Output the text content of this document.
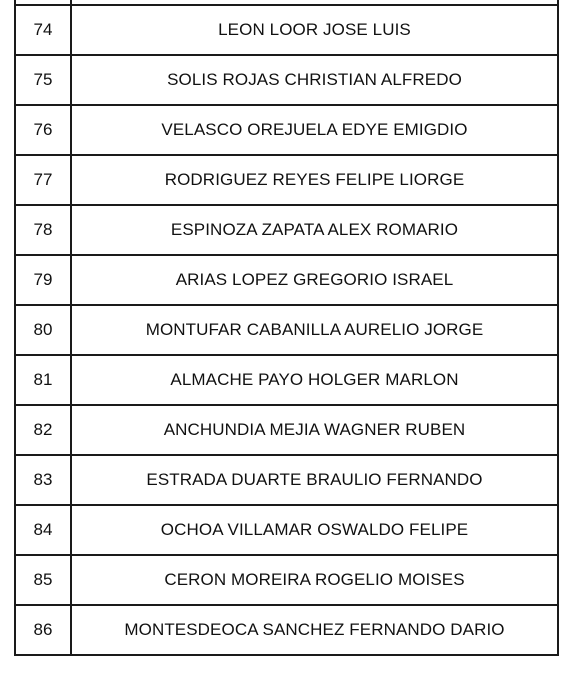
74	LEON LOOR JOSE LUIS
75	SOLIS ROJAS CHRISTIAN ALFREDO
76	VELASCO OREJUELA EDYE EMIGDIO
77	RODRIGUEZ REYES FELIPE LIORGE
78	ESPINOZA ZAPATA ALEX ROMARIO
79	ARIAS LOPEZ GREGORIO ISRAEL
80	MONTUFAR CABANILLA AURELIO JORGE
81	ALMACHE PAYO HOLGER MARLON
82	ANCHUNDIA MEJIA WAGNER RUBEN
83	ESTRADA DUARTE BRAULIO FERNANDO
84	OCHOA VILLAMAR OSWALDO FELIPE
85	CERON MOREIRA ROGELIO MOISES
86	MONTESDEOCA SANCHEZ FERNANDO DARIO
